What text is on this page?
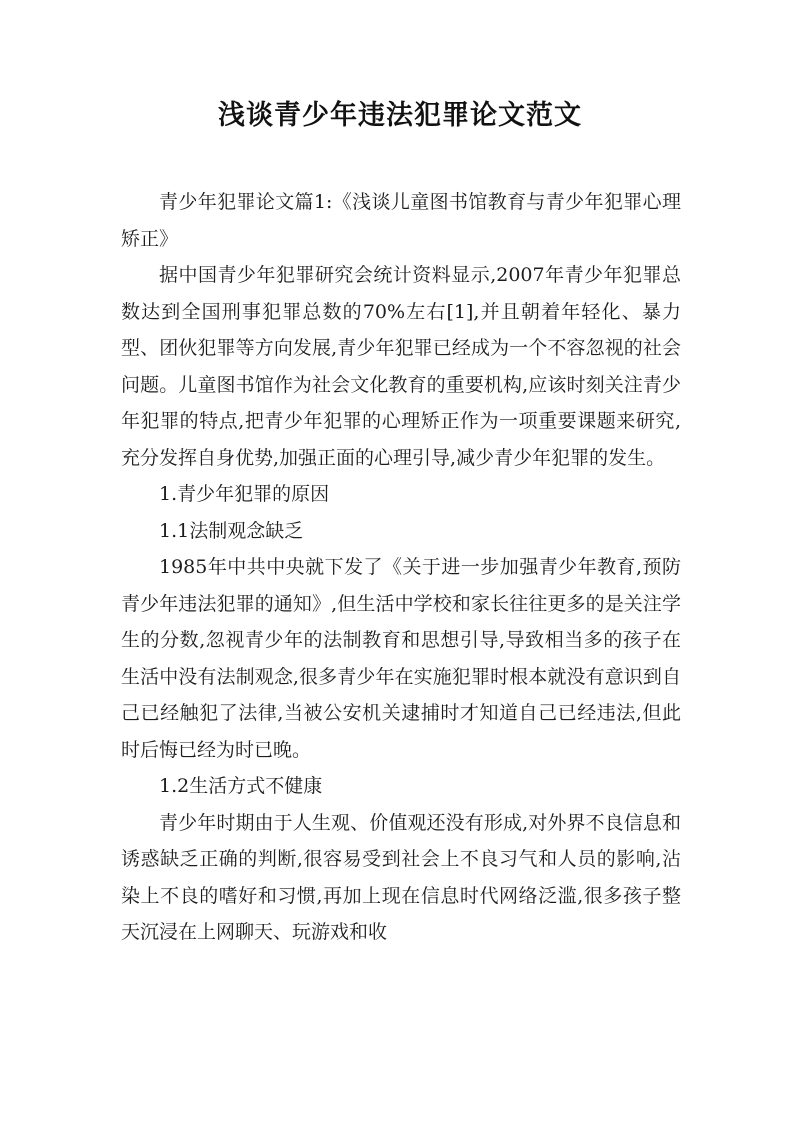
浅谈青少年违法犯罪论文范文

青少年犯罪论文篇1:《浅谈儿童图书馆教育与青少年犯罪心理矫正》

据中国青少年犯罪研究会统计资料显示,2007年青少年犯罪总数达到全国刑事犯罪总数的70%左右[1],并且朝着年轻化、暴力型、团伙犯罪等方向发展,青少年犯罪已经成为一个不容忽视的社会问题。儿童图书馆作为社会文化教育的重要机构,应该时刻关注青少年犯罪的特点,把青少年犯罪的心理矫正作为一项重要课题来研究,充分发挥自身优势,加强正面的心理引导,减少青少年犯罪的发生。

1.青少年犯罪的原因

1.1法制观念缺乏

1985年中共中央就下发了《关于进一步加强青少年教育,预防青少年违法犯罪的通知》,但生活中学校和家长往往更多的是关注学生的分数,忽视青少年的法制教育和思想引导,导致相当多的孩子在生活中没有法制观念,很多青少年在实施犯罪时根本就没有意识到自己已经触犯了法律,当被公安机关逮捕时才知道自己已经违法,但此时后悔已经为时已晚。

1.2生活方式不健康

青少年时期由于人生观、价值观还没有形成,对外界不良信息和诱惑缺乏正确的判断,很容易受到社会上不良习气和人员的影响,沾染上不良的嗜好和习惯,再加上现在信息时代网络泛滥,很多孩子整天沉浸在上网聊天、玩游戏和收
